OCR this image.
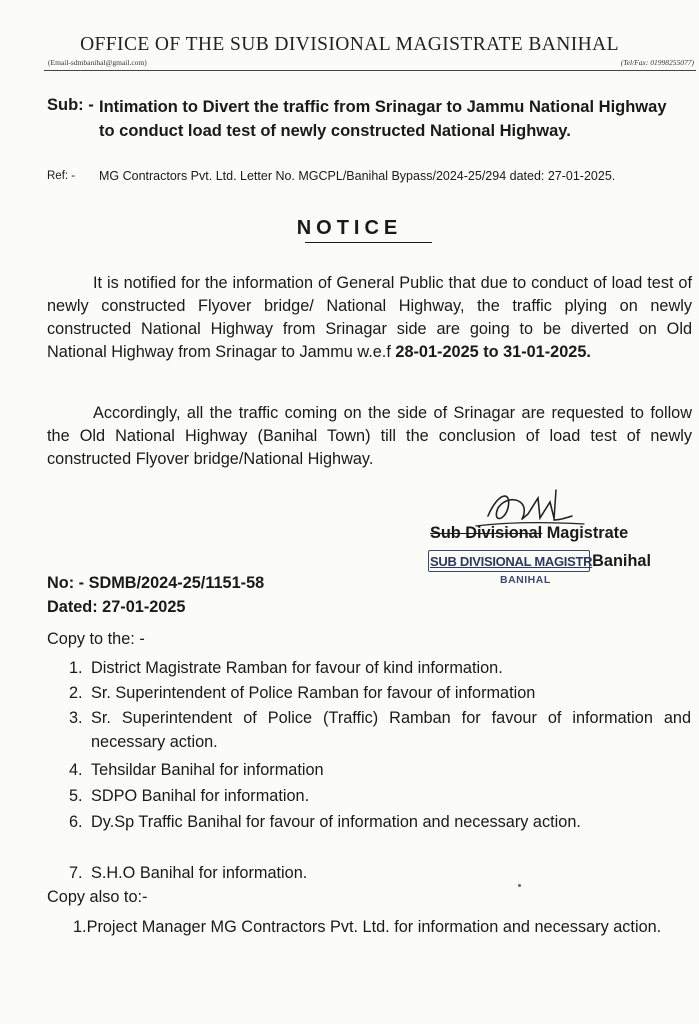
OFFICE OF THE SUB DIVISIONAL MAGISTRATE BANIHAL
(Email-sdmbanihal@gmail.com)	(Tel/Fax: 01998255077)
Sub: - Intimation to Divert the traffic from Srinagar to Jammu National Highway to conduct load test of newly constructed National Highway.
Ref: - MG Contractors Pvt. Ltd. Letter No. MGCPL/Banihal Bypass/2024-25/294 dated: 27-01-2025.
NOTICE
It is notified for the information of General Public that due to conduct of load test of newly constructed Flyover bridge/ National Highway, the traffic plying on newly constructed National Highway from Srinagar side are going to be diverted on Old National Highway from Srinagar to Jammu w.e.f 28-01-2025 to 31-01-2025.
Accordingly, all the traffic coming on the side of Srinagar are requested to follow the Old National Highway (Banihal Town) till the conclusion of load test of newly constructed Flyover bridge/National Highway.
Sub Divisional Magistrate
SUB DIVISIONAL MAGISTRBanihal
BANIHAL
No: - SDMB/2024-25/1151-58
Dated: 27-01-2025
Copy to the: -
1. District Magistrate Ramban for favour of kind information.
2. Sr. Superintendent of Police Ramban for favour of information
3. Sr. Superintendent of Police (Traffic) Ramban for favour of information and necessary action.
4. Tehsildar Banihal for information
5. SDPO Banihal for information.
6. Dy.Sp Traffic Banihal for favour of information and necessary action.
7. S.H.O Banihal for information.
Copy also to:-
1.Project Manager MG Contractors Pvt. Ltd. for information and necessary action.
